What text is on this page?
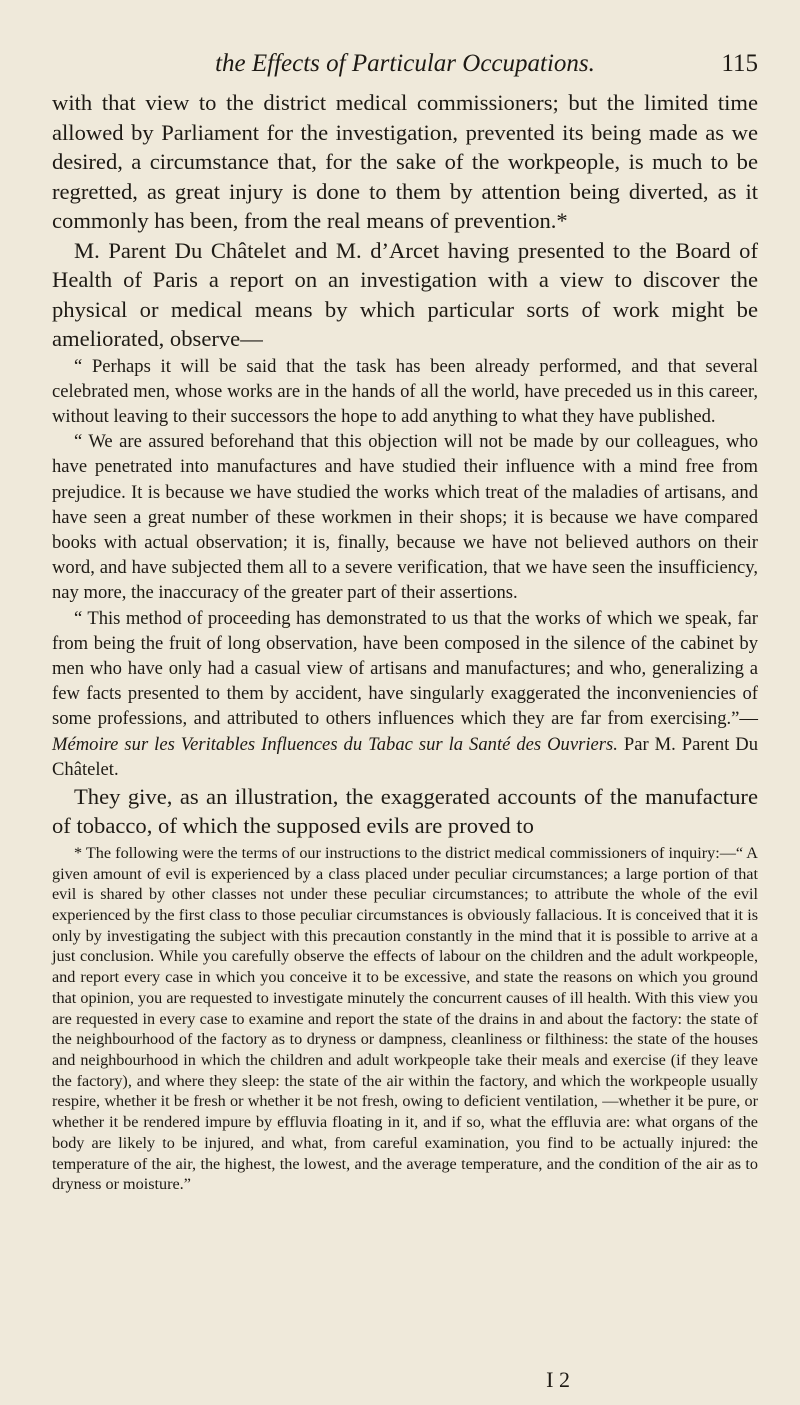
the Effects of Particular Occupations.	115

with that view to the district medical commissioners; but the limited time allowed by Parliament for the investigation, prevented its being made as we desired, a circumstance that, for the sake of the workpeople, is much to be regretted, as great injury is done to them by attention being diverted, as it commonly has been, from the real means of prevention.*

M. Parent Du Châtelet and M. d’Arcet having presented to the Board of Health of Paris a report on an investigation with a view to discover the physical or medical means by which particular sorts of work might be ameliorated, observe—

“ Perhaps it will be said that the task has been already performed, and that several celebrated men, whose works are in the hands of all the world, have preceded us in this career, without leaving to their successors the hope to add anything to what they have published.

“ We are assured beforehand that this objection will not be made by our colleagues, who have penetrated into manufactures and have studied their influence with a mind free from prejudice. It is because we have studied the works which treat of the maladies of artisans, and have seen a great number of these workmen in their shops; it is because we have compared books with actual observation; it is, finally, because we have not believed authors on their word, and have subjected them all to a severe verification, that we have seen the insufficiency, nay more, the inaccuracy of the greater part of their assertions.

“ This method of proceeding has demonstrated to us that the works of which we speak, far from being the fruit of long observation, have been composed in the silence of the cabinet by men who have only had a casual view of artisans and manufactures; and who, generalizing a few facts presented to them by accident, have singularly exaggerated the inconveniencies of some professions, and attributed to others influences which they are far from exercising.”—Mémoire sur les Veritables Influences du Tabac sur la Santé des Ouvriers. Par M. Parent Du Châtelet.

They give, as an illustration, the exaggerated accounts of the manufacture of tobacco, of which the supposed evils are proved to

* The following were the terms of our instructions to the district medical commissioners of inquiry:—“ A given amount of evil is experienced by a class placed under peculiar circumstances; a large portion of that evil is shared by other classes not under these peculiar circumstances; to attribute the whole of the evil experienced by the first class to those peculiar circumstances is obviously fallacious. It is conceived that it is only by investigating the subject with this precaution constantly in the mind that it is possible to arrive at a just conclusion. While you carefully observe the effects of labour on the children and the adult workpeople, and report every case in which you conceive it to be excessive, and state the reasons on which you ground that opinion, you are requested to investigate minutely the concurrent causes of ill health. With this view you are requested in every case to examine and report the state of the drains in and about the factory: the state of the neighbourhood of the factory as to dryness or dampness, cleanliness or filthiness: the state of the houses and neighbourhood in which the children and adult workpeople take their meals and exercise (if they leave the factory), and where they sleep: the state of the air within the factory, and which the workpeople usually respire, whether it be fresh or whether it be not fresh, owing to deficient ventilation, —whether it be pure, or whether it be rendered impure by effluvia floating in it, and if so, what the effluvia are: what organs of the body are likely to be injured, and what, from careful examination, you find to be actually injured: the temperature of the air, the highest, the lowest, and the average temperature, and the condition of the air as to dryness or moisture.”

I 2
